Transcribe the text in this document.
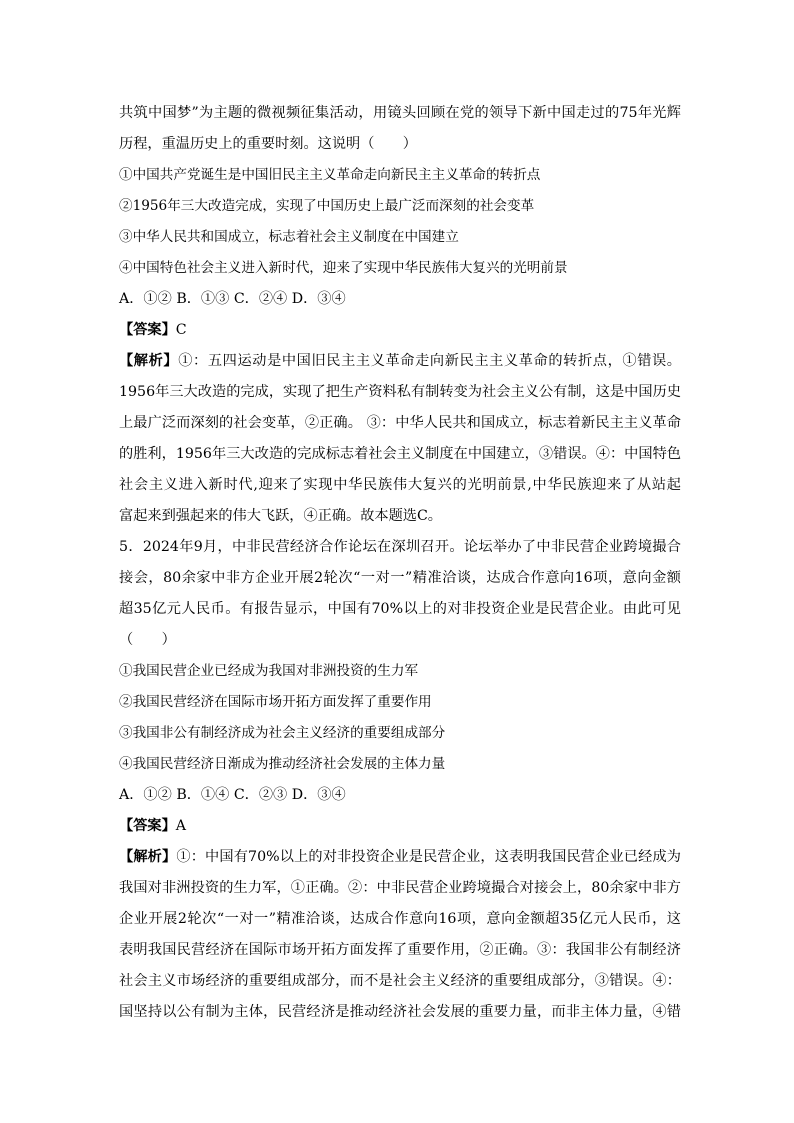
共筑中国梦”为主题的微视频征集活动，用镜头回顾在党的领导下新中国走过的75年光辉
历程，重温历史上的重要时刻。这说明（　　）
①中国共产党诞生是中国旧民主主义革命走向新民主主义革命的转折点
②1956年三大改造完成，实现了中国历史上最广泛而深刻的社会变革
③中华人民共和国成立，标志着社会主义制度在中国建立
④中国特色社会主义进入新时代，迎来了实现中华民族伟大复兴的光明前景
A．①② B．①③ C．②④ D．③④
【答案】C
【解析】①：五四运动是中国旧民主主义革命走向新民主主义革命的转折点，①错误。
1956年三大改造的完成，实现了把生产资料私有制转变为社会主义公有制，这是中国历史
上最广泛而深刻的社会变革，②正确。 ③：中华人民共和国成立，标志着新民主主义革命
的胜利，1956年三大改造的完成标志着社会主义制度在中国建立，③错误。④：中国特色
社会主义进入新时代,迎来了实现中华民族伟大复兴的光明前景,中华民族迎来了从站起
富起来到强起来的伟大飞跃，④正确。故本题选C。
5．2024年9月，中非民营经济合作论坛在深圳召开。论坛举办了中非民营企业跨境撮合
接会，80余家中非方企业开展2轮次“一对一”精准洽谈，达成合作意向16项，意向金额
超35亿元人民币。有报告显示，中国有70%以上的对非投资企业是民营企业。由此可见
（　　）
①我国民营企业已经成为我国对非洲投资的生力军
②我国民营经济在国际市场开拓方面发挥了重要作用
③我国非公有制经济成为社会主义经济的重要组成部分
④我国民营经济日渐成为推动经济社会发展的主体力量
A．①② B．①④ C．②③ D．③④
【答案】A
【解析】①：中国有70%以上的对非投资企业是民营企业，这表明我国民营企业已经成为
我国对非洲投资的生力军，①正确。②：中非民营企业跨境撮合对接会上，80余家中非方
企业开展2轮次“一对一”精准洽谈，达成合作意向16项，意向金额超35亿元人民币，这
表明我国民营经济在国际市场开拓方面发挥了重要作用，②正确。③：我国非公有制经济
社会主义市场经济的重要组成部分，而不是社会主义经济的重要组成部分，③错误。④：
国坚持以公有制为主体，民营经济是推动经济社会发展的重要力量，而非主体力量，④错
